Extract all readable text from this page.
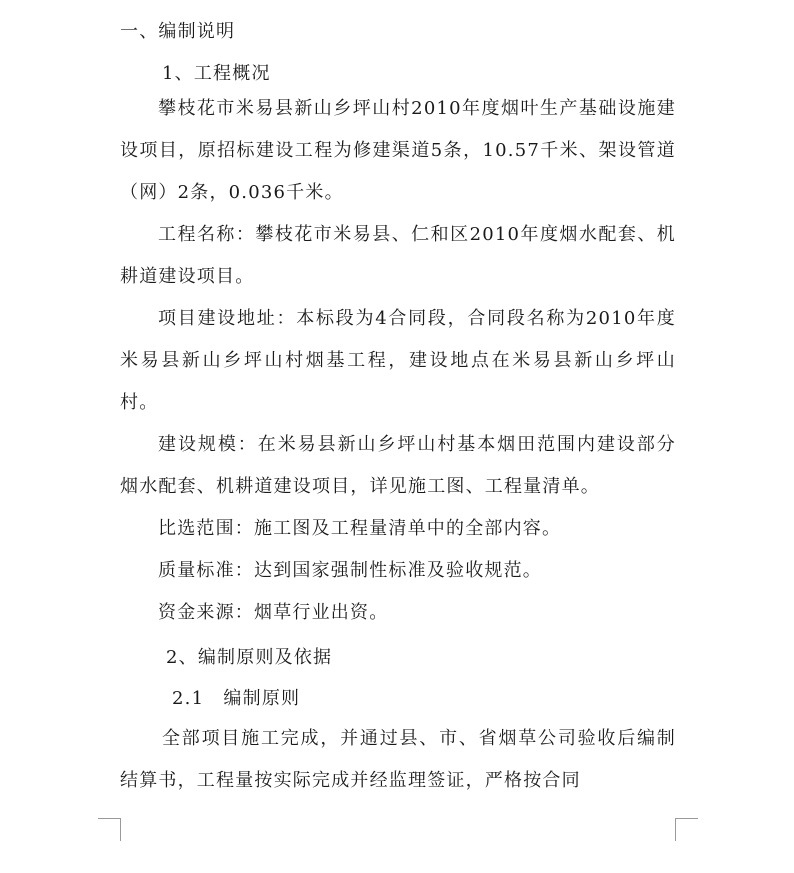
一、编制说明
1、工程概况

攀枝花市米易县新山乡坪山村2010年度烟叶生产基础设施建设项目，原招标建设工程为修建渠道5条，10.57千米、架设管道（网）2条，0.036千米。

工程名称：攀枝花市米易县、仁和区2010年度烟水配套、机耕道建设项目。

项目建设地址：本标段为4合同段，合同段名称为2010年度米易县新山乡坪山村烟基工程，建设地点在米易县新山乡坪山村。

建设规模：在米易县新山乡坪山村基本烟田范围内建设部分烟水配套、机耕道建设项目，详见施工图、工程量清单。

比选范围：施工图及工程量清单中的全部内容。

质量标准：达到国家强制性标准及验收规范。

资金来源：烟草行业出资。

2、编制原则及依据
2.1　编制原则

全部项目施工完成，并通过县、市、省烟草公司验收后编制结算书，工程量按实际完成并经监理签证，严格按合同
